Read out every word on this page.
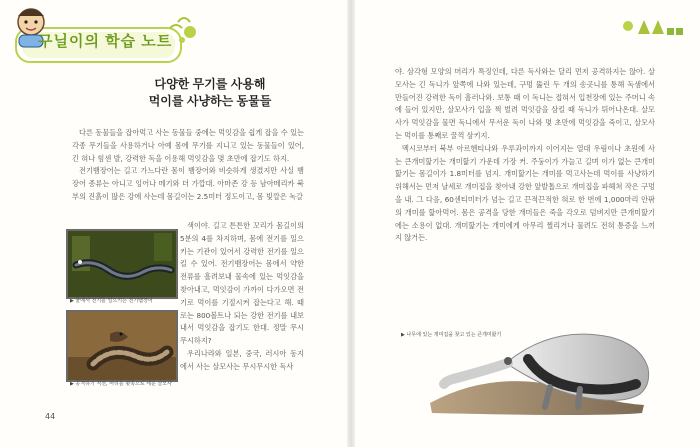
구닐이의 학습 노트
다양한 무기를 사용해
먹이를 사냥하는 동물들

다른 동물들을 잡아먹고 사는 동물들 중에는 먹잇감을 쉽게 잡을 수 있는 각종 무기들을 사용하거나 아예 몸에 무기를 지니고 있는 동물들이 있어, 긴 혀나 힘센 발, 강력한 독을 이용해 먹잇감을 몇 초만에 잡기도 하지.

전기뱀장어는 길고 가느다란 몸이 뱀장어와 비슷하게 생겼지만 사실 뱀장어 종류는 아니고 잉어나 메기와 더 가깝대. 아마존 강 등 남아메리카 북부의 진흙이 많은 강에 사는데 몸길이는 2.5미터 정도이고, 몸 빛깔은 녹갈

색이야. 길고 튼튼한 꼬리가 몸길이의 5분의 4를 차지하며, 몸에 전기를 일으키는 기관이 있어서 강력한 전기를 일으킬 수 있어. 전기뱀장어는 몸에서 약한 전류를 흘려보내 물속에 있는 먹잇감을 찾아내고, 먹잇감이 가까이 다가오면 전기로 먹이를 기절시켜 잡는다고 해. 때로는 800볼트나 되는 강한 전기를 내보내서 먹잇감을 잡기도 한대. 정말 무시무시하지?

우리나라와 일본, 중국, 러시아 동지에서 사는 살모사는 무시무시한 독사

▶ 물에서 전기를 일으키는 전기뱀장어
▶ 공격하기 직전, 머리를 뒷쪽으로 세운 살모사
44

야. 삼각형 모양의 머리가 특징인데, 다른 독사와는 달리 먼저 공격하지는 않아. 살모사는 긴 독니가 앞쪽에 나와 있는데, 구멍 뚫린 두 개의 송곳니를 통해 독샘에서 만들어진 강력한 독이 흘러나와. 보통 때 이 독니는 접혀서 입천장에 있는 주머니 속에 들어 있지만, 살모사가 입을 쩍 벌려 먹잇감을 삼킬 때 독니가 튀어나온대. 살모사가 먹잇감을 물면 독니에서 무서운 독이 나와 몇 초만에 먹잇감을 죽이고, 살모사는 먹이를 통째로 꿀꺽 삼키지.

멕시코부터 북부 아르헨티나와 우루과이까지 이어지는 열대 우림이나 초원에 사는 큰개미핥기는 개미핥기 가운데 가장 커. 주둥이가 가늘고 길며 이가 없는 큰개미핥기는 몸길이가 1.8미터를 넘지. 개미핥기는 개미를 먹고사는데 먹이를 사냥하기 위해서는 먼저 날세로 개미집을 찾아내 강한 앞발톱으로 개미집을 파헤쳐 작은 구멍을 내. 그 다음, 60센티미터가 넘는 길고 끈적끈적한 혀로 한 번에 1,000마리 안팎의 개미를 핥아먹어. 몸은 공격을 당한 개미들은 죽을 각오로 덤벼지만 큰개미핥기에는 소용이 없대. 개미핥기는 개미에게 아무리 찔리거나 물려도 전혀 통증을 느끼지 않거든.

▶ 나무에 있는 개미집을 찾고 있는 큰개미핥기
